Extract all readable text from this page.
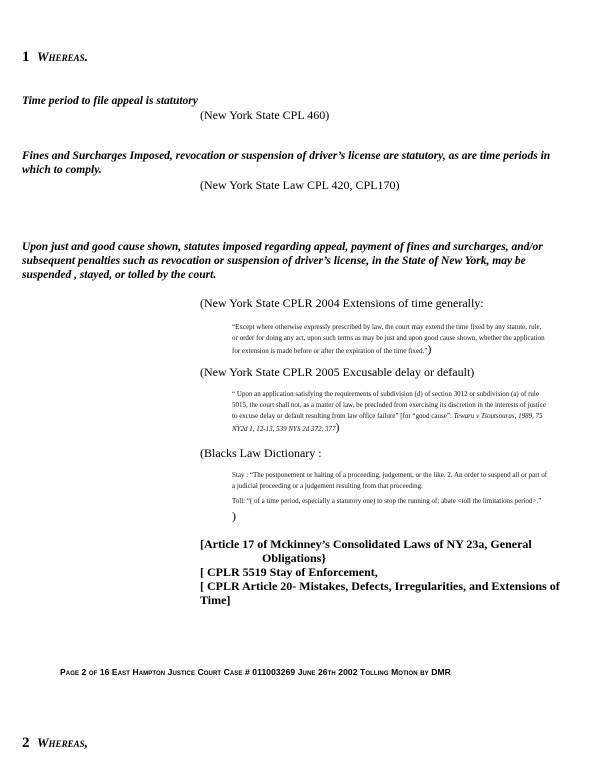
1 Whereas.
Time period to file appeal is statutory
(New York State CPL 460)
Fines and Surcharges Imposed, revocation or suspension of driver’s license are statutory, as are time periods in
which to comply.
(New York State Law CPL 420, CPL170)
Upon just and good cause shown, statutes imposed regarding appeal, payment of fines and surcharges, and/or
subsequent penalties such as revocation or suspension of driver’s license, in the State of New York, may be
suspended , stayed, or tolled by the court.
(New York State CPLR 2004 Extensions of time generally:
“Except where otherwise expressly prescribed by law, the court may extend the time fixed by any statute, rule,
or order for doing any act, upon such terms as may be just and upon good cause shown, whether the application
for extension is made before or after the expiration of the time fixed.”)
(New York State CPLR 2005 Excusable delay or default)
“ Upon an application satisfying the requirements of subdivision (d) of section 3012 or subdivision (a) of rule
5015, the court shall not, as a matter of law, be precluded from exercising its discretion in the interests of justice
to excuse delay or default resulting from law office failure” [for “good cause”: Tewaru v Tsoutsouras, 1989, 75
NY2d 1, 12-13, 539 NYS 2d 372, 377)
(Blacks Law Dictionary :
Stay : “The postponement or halting of a proceeding, judgement, or the like. 2. An order to suspend all or part of
a judicial proceeding or a judgement resulting from that proceeding.
Toll: “( of a time period, especially a statutory one) to stop the running of; abate <toll the limitations period>.”
)
[Article 17 of Mckinney’s Consolidated Laws of NY 23a, General
Obligations}
[ CPLR 5519 Stay of Enforcement,
[ CPLR Article 20- Mistakes, Defects, Irregularities, and Extensions of
Time]
Page 2 of 16 East Hampton Justice Court Case # 011003269 June 26th 2002 Tolling Motion by DMR
2 Whereas,
